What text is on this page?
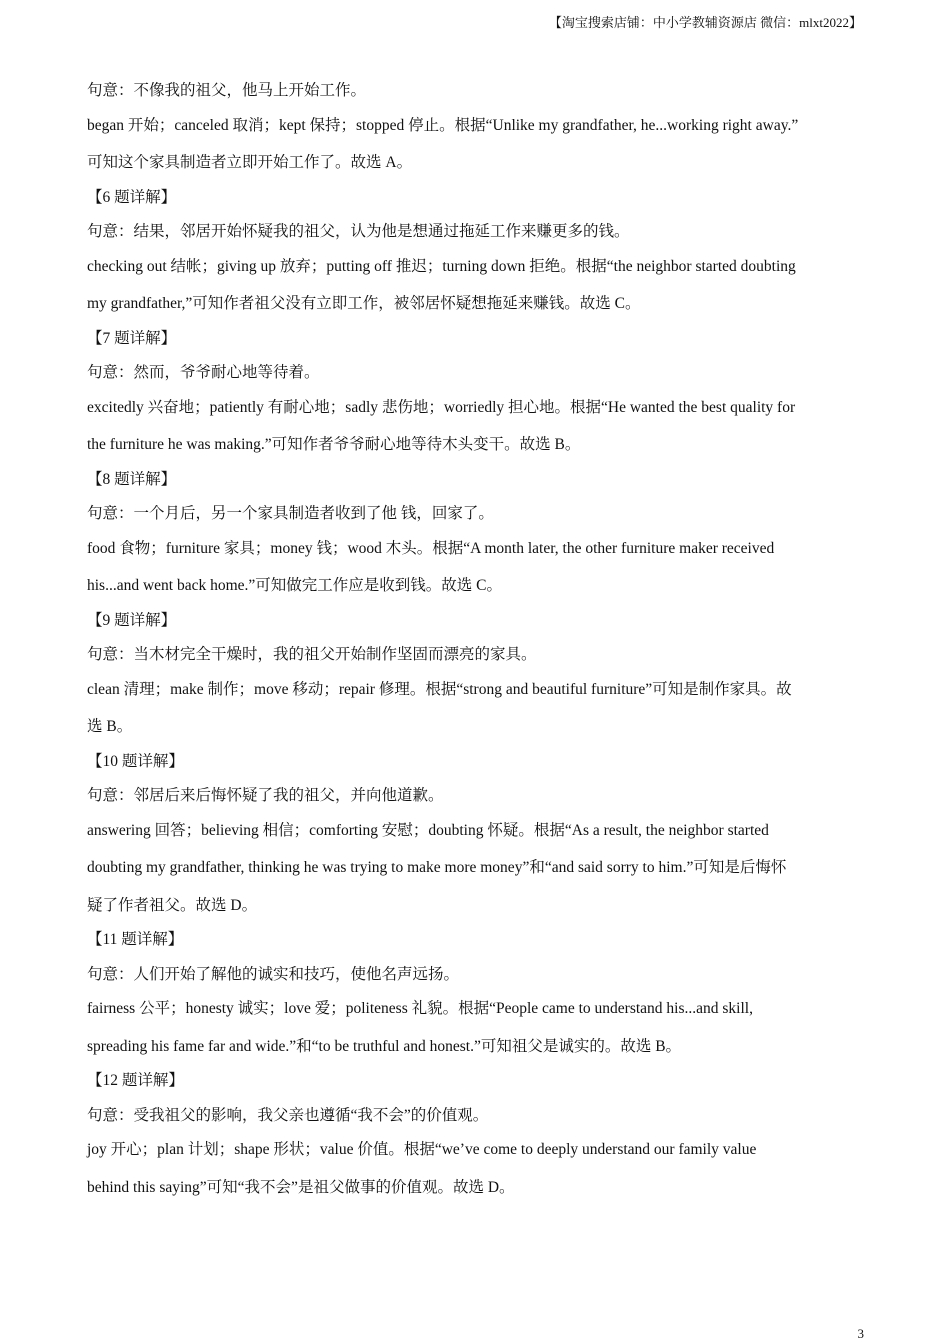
【淘宝搜索店铺：中小学教辅资源店 微信：mlxt2022】
句意：不像我的祖父，他马上开始工作。
began 开始；canceled 取消；kept 保持；stopped 停止。根据“Unlike my grandfather, he...working right away.”
可知这个家具制造者立即开始工作了。故选 A。
【6 题详解】
句意：结果，邻居开始怀疑我的祖父，认为他是想通过拖延工作来赚更多的钱。
checking out 结帐；giving up 放弃；putting off 推迟；turning down 拒绝。根据“the neighbor started doubting
my grandfather,”可知作者祖父没有立即工作，被邻居怀疑想拖延来赚钱。故选 C。
【7 题详解】
句意：然而，爷爷耐心地等待着。
excitedly 兴奋地；patiently 有耐心地；sadly 悲伤地；worriedly 担心地。根据“He wanted the best quality for
the furniture he was making.”可知作者爷爷耐心地等待木头变干。故选 B。
【8 题详解】
句意：一个月后，另一个家具制造者收到了他 钱，回家了。
food 食物；furniture 家具；money 钱；wood 木头。根据“A month later, the other furniture maker received
his...and went back home.”可知做完工作应是收到钱。故选 C。
【9 题详解】
句意：当木材完全干燥时，我的祖父开始制作坚固而漂亮的家具。
clean 清理；make 制作；move 移动；repair 修理。根据“strong and beautiful furniture”可知是制作家具。故
选 B。
【10 题详解】
句意：邻居后来后悔怀疑了我的祖父，并向他道歉。
answering 回答；believing 相信；comforting 安慰；doubting 怀疑。根据“As a result, the neighbor started
doubting my grandfather, thinking he was trying to make more money”和“and said sorry to him.”可知是后悔怀
疑了作者祖父。故选 D。
【11 题详解】
句意：人们开始了解他的诚实和技巧，使他名声远扬。
fairness 公平；honesty 诚实；love 爱；politeness 礼貌。根据“People came to understand his...and skill,
spreading his fame far and wide.”和“to be truthful and honest.”可知祖父是诚实的。故选 B。
【12 题详解】
句意：受我祖父的影响，我父亲也遵循“我不会”的价值观。
joy 开心；plan 计划；shape 形状；value 价值。根据“we’ve come to deeply understand our family value
behind this saying”可知“我不会”是祖父做事的价值观。故选 D。
3
